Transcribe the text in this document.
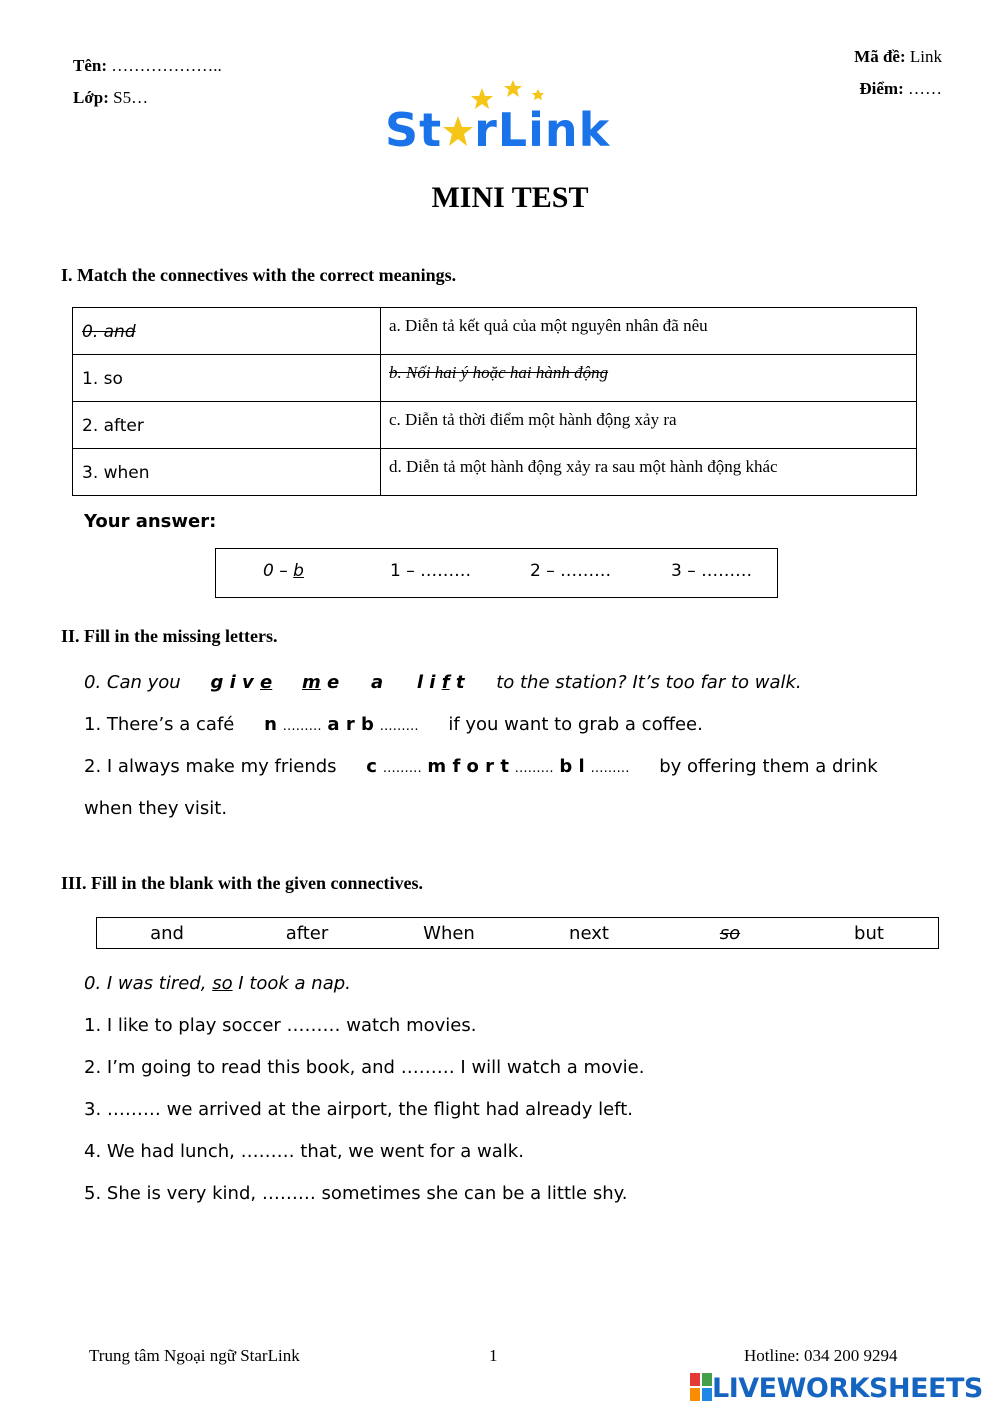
Tên: ………………..
Lớp: S5…
Mã đề: Link
Điểm: ……
St rLink
MINI TEST
I. Match the connectives with the correct meanings.
0. and	a. Diễn tả kết quả của một nguyên nhân đã nêu
1. so	b. Nối hai ý hoặc hai hành động
2. after	c. Diễn tả thời điểm một hành động xảy ra
3. when	d. Diễn tả một hành động xảy ra sau một hành động khác
Your answer:
0 – b	1 – ………	2 – ………	3 – ………
II. Fill in the missing letters.
0. Can you g i v e m e a l i f t to the station? It’s too far to walk.
1. There’s a café n ……… a r b ……… if you want to grab a coffee.
2. I always make my friends c ……… m f o r t ……… b l ……… by offering them a drink
when they visit.
III. Fill in the blank with the given connectives.
and	after	When	next	so	but
0. I was tired, so I took a nap.
1. I like to play soccer ……… watch movies.
2. I’m going to read this book, and ……… I will watch a movie.
3. ……… we arrived at the airport, the flight had already left.
4. We had lunch, ……… that, we went for a walk.
5. She is very kind, ……… sometimes she can be a little shy.
Trung tâm Ngoại ngữ StarLink	1	Hotline: 034 200 9294
LIVEWORKSHEETS
